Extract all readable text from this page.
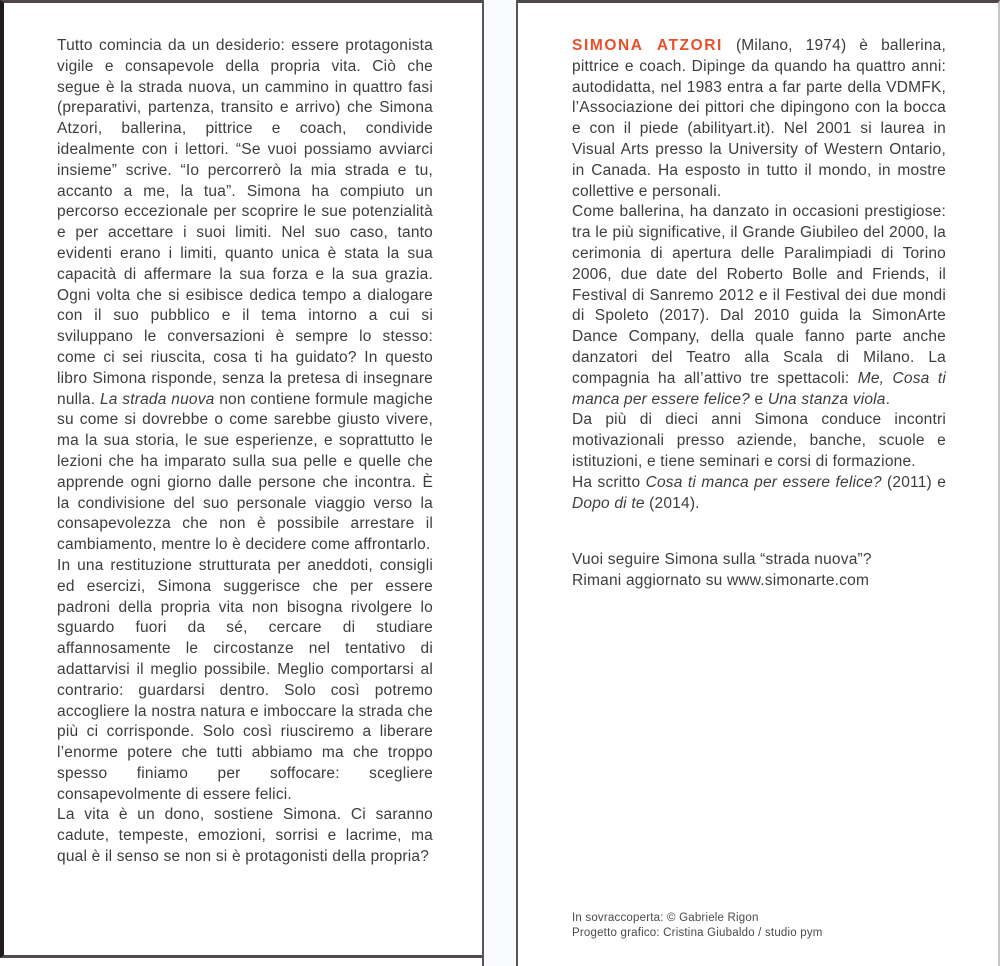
Tutto comincia da un desiderio: essere protagonista vigile e consapevole della propria vita. Ciò che segue è la strada nuova, un cammino in quattro fasi (preparativi, partenza, transito e arrivo) che Simona Atzori, ballerina, pittrice e coach, condivide idealmente con i lettori. “Se vuoi possiamo avviarci insieme” scrive. “Io percorrerò la mia strada e tu, accanto a me, la tua”. Simona ha compiuto un percorso eccezionale per scoprire le sue potenzialità e per accettare i suoi limiti. Nel suo caso, tanto evidenti erano i limiti, quanto unica è stata la sua capacità di affermare la sua forza e la sua grazia. Ogni volta che si esibisce dedica tempo a dialogare con il suo pubblico e il tema intorno a cui si sviluppano le conversazioni è sempre lo stesso: come ci sei riuscita, cosa ti ha guidato? In questo libro Simona risponde, senza la pretesa di insegnare nulla. La strada nuova non contiene formule magiche su come si dovrebbe o come sarebbe giusto vivere, ma la sua storia, le sue esperienze, e soprattutto le lezioni che ha imparato sulla sua pelle e quelle che apprende ogni giorno dalle persone che incontra. È la condivisione del suo personale viaggio verso la consapevolezza che non è possibile arrestare il cambiamento, mentre lo è decidere come affrontarlo.

In una restituzione strutturata per aneddoti, consigli ed esercizi, Simona suggerisce che per essere padroni della propria vita non bisogna rivolgere lo sguardo fuori da sé, cercare di studiare affannosamente le circostanze nel tentativo di adattarvisi il meglio possibile. Meglio comportarsi al contrario: guardarsi dentro. Solo così potremo accogliere la nostra natura e imboccare la strada che più ci corrisponde. Solo così riusciremo a liberare l’enorme potere che tutti abbiamo ma che troppo spesso finiamo per soffocare: scegliere consapevolmente di essere felici.

La vita è un dono, sostiene Simona. Ci saranno cadute, tempeste, emozioni, sorrisi e lacrime, ma qual è il senso se non si è protagonisti della propria?

SIMONA ATZORI (Milano, 1974) è ballerina, pittrice e coach. Dipinge da quando ha quattro anni: autodidatta, nel 1983 entra a far parte della VDMFK, l’Associazione dei pittori che dipingono con la bocca e con il piede (abilityart.it). Nel 2001 si laurea in Visual Arts presso la University of Western Ontario, in Canada. Ha esposto in tutto il mondo, in mostre collettive e personali.

Come ballerina, ha danzato in occasioni prestigiose: tra le più significative, il Grande Giubileo del 2000, la cerimonia di apertura delle Paralimpiadi di Torino 2006, due date del Roberto Bolle and Friends, il Festival di Sanremo 2012 e il Festival dei due mondi di Spoleto (2017). Dal 2010 guida la SimonArte Dance Company, della quale fanno parte anche danzatori del Teatro alla Scala di Milano. La compagnia ha all’attivo tre spettacoli: Me, Cosa ti manca per essere felice? e Una stanza viola.

Da più di dieci anni Simona conduce incontri motivazionali presso aziende, banche, scuole e istituzioni, e tiene seminari e corsi di formazione.

Ha scritto Cosa ti manca per essere felice? (2011) e Dopo di te (2014).

Vuoi seguire Simona sulla “strada nuova”?
Rimani aggiornato su www.simonarte.com
In sovraccoperta: © Gabriele Rigon
Progetto grafico: Cristina Giubaldo / studio pym
